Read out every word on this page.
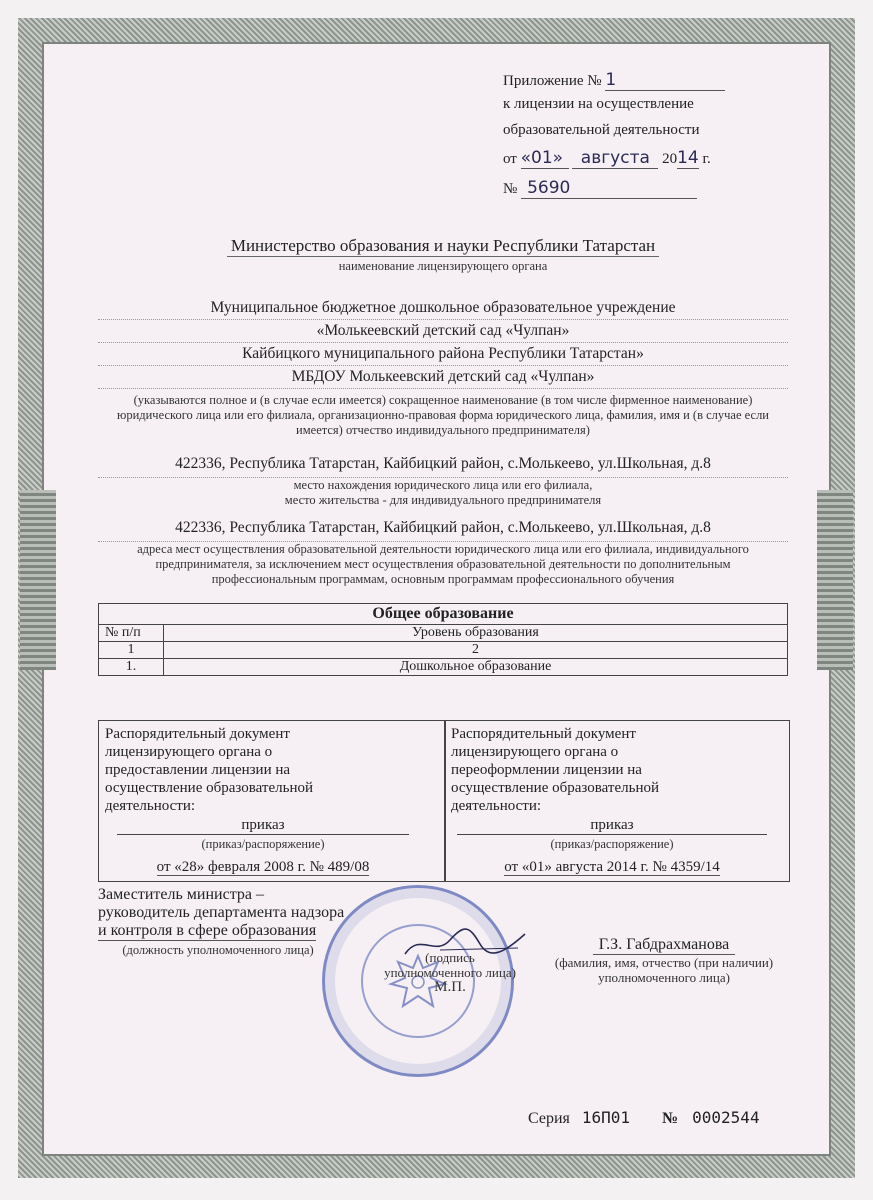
Приложение № 1
к лицензии на осуществление
образовательной деятельности
от «01» августа 2014 г.
№ 5690
Министерство образования и науки Республики Татарстан
наименование лицензирующего органа
Муниципальное бюджетное дошкольное образовательное учреждение
«Молькеевский детский сад «Чулпан»
Кайбицкого муниципального района Республики Татарстан»
МБДОУ Молькеевский детский сад «Чулпан»
(указываются полное и (в случае если имеется) сокращенное наименование (в том числе фирменное наименование) юридического лица или его филиала, организационно-правовая форма юридического лица, фамилия, имя и (в случае если имеется) отчество индивидуального предпринимателя)
422336, Республика Татарстан, Кайбицкий район, с.Молькеево, ул.Школьная, д.8
место нахождения юридического лица или его филиала,
место жительства - для индивидуального предпринимателя
422336, Республика Татарстан, Кайбицкий район, с.Молькеево, ул.Школьная, д.8
адреса мест осуществления образовательной деятельности юридического лица или его филиала, индивидуального предпринимателя, за исключением мест осуществления образовательной деятельности по дополнительным профессиональным программам, основным программам профессионального обучения
Общее образование	
№ п/п	Уровень образования
1	2
1.	Дошкольное образование
Распорядительный документ лицензирующего органа о предоставлении лицензии на осуществление образовательной деятельности:
приказ
(приказ/распоряжение)
от «28» февраля 2008 г. № 489/08
Распорядительный документ лицензирующего органа о переоформлении лицензии на осуществление образовательной деятельности:
приказ
(приказ/распоряжение)
от «01» августа 2014 г. № 4359/14
Заместитель министра –
руководитель департамента надзора
и контроля в сфере образования
(должность уполномоченного лица)	(подпись
уполномоченного лица)
М.П.
Г.З. Габдрахманова
(фамилия, имя, отчество (при наличии)
уполномоченного лица)
Серия 16П01 № 0002544
